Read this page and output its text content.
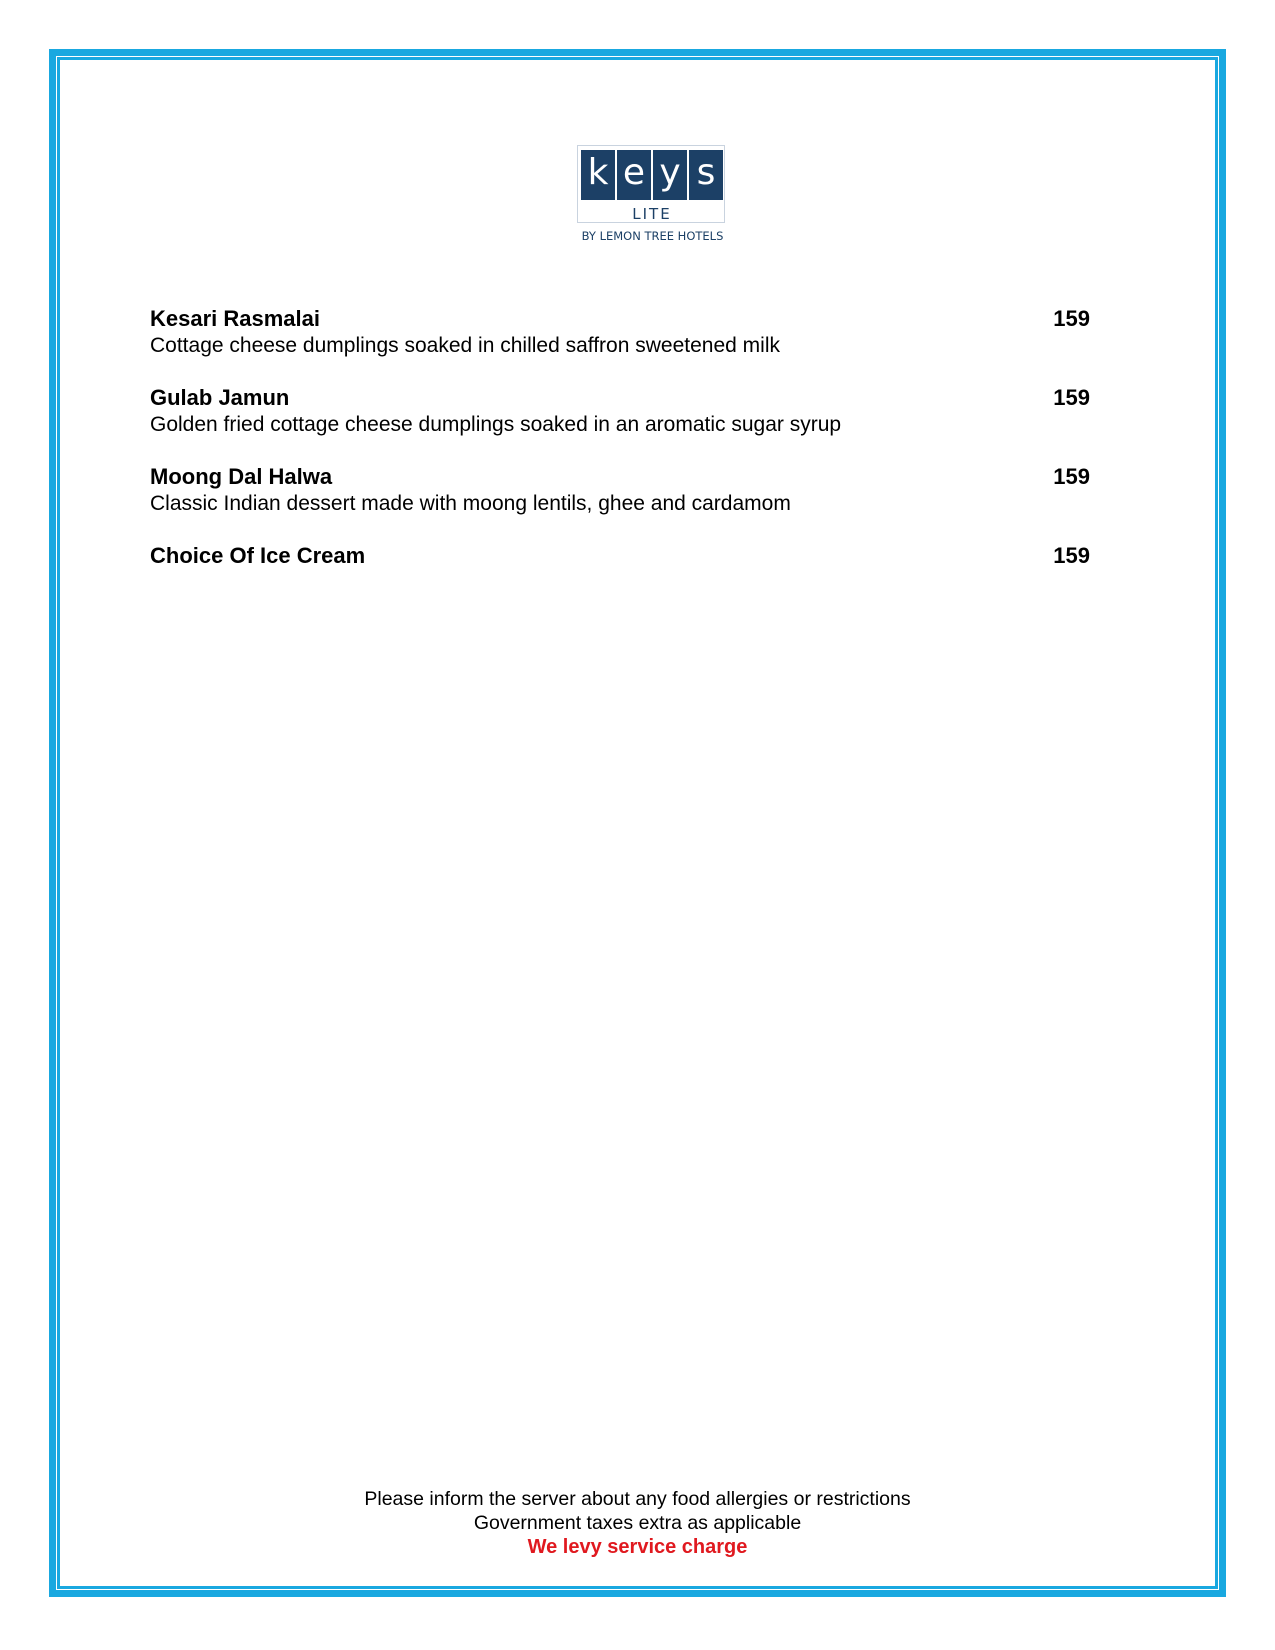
k e y s
LITE
BY LEMON TREE HOTELS
Kesari Rasmalai	159
Cottage cheese dumplings soaked in chilled saffron sweetened milk
Gulab Jamun	159
Golden fried cottage cheese dumplings soaked in an aromatic sugar syrup
Moong Dal Halwa	159
Classic Indian dessert made with moong lentils, ghee and cardamom
Choice Of Ice Cream	159
Please inform the server about any food allergies or restrictions
Government taxes extra as applicable
We levy service charge
